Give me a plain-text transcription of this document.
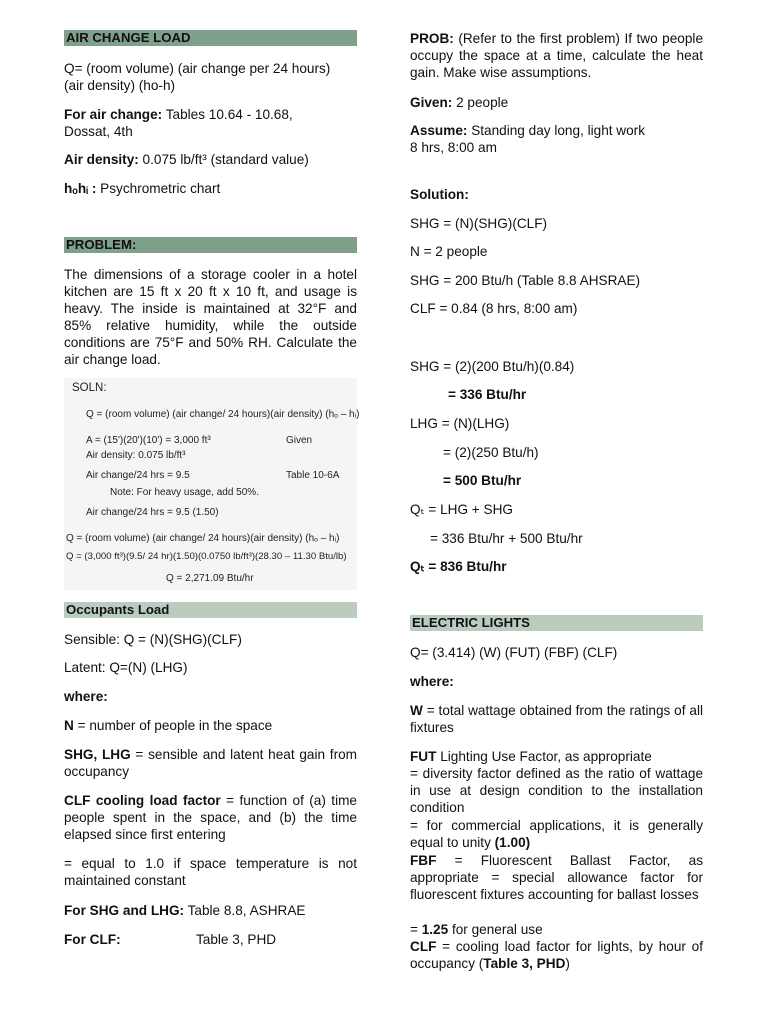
AIR CHANGE LOAD

Q= (room volume) (air change per 24 hours)

(air density) (ho-h)

For air change: Tables 10.64 - 10.68,

Dossat, 4th

Air density: 0.075 lb/ft³ (standard value)

hₒhᵢ : Psychrometric chart

PROBLEM:

The dimensions of a storage cooler in a hotel kitchen are 15 ft x 20 ft x 10 ft, and usage is heavy. The inside is maintained at 32°F and 85% relative humidity, while the outside conditions are 75°F and 50% RH. Calculate the air change load.

SOLN:
Q = (room volume) (air change/ 24 hours)(air density) (hₒ – hᵢ)
A = (15')(20')(10') = 3,000 ft³	Given
Air density: 0.075 lb/ft³
Air change/24 hrs = 9.5	Table 10-6A
Note: For heavy usage, add 50%.
Air change/24 hrs = 9.5 (1.50)
Q = (room volume) (air change/ 24 hours)(air density) (hₒ – hᵢ)
Q = (3,000 ft³)(9.5/ 24 hr)(1.50)(0.0750 lb/ft³)(28.30 – 11.30 Btu/lb)
Q = 2,271.09 Btu/hr
Occupants Load

Sensible: Q = (N)(SHG)(CLF)

Latent: Q=(N) (LHG)

where:

N = number of people in the space

SHG, LHG = sensible and latent heat gain from occupancy

CLF cooling load factor = function of (a) time people spent in the space, and (b) the time elapsed since first entering

= equal to 1.0 if space temperature is not maintained constant

For SHG and LHG: Table 8.8, ASHRAE

For CLF:	Table 3, PHD

PROB: (Refer to the first problem) If two people occupy the space at a time, calculate the heat gain. Make wise assumptions.

Given: 2 people

Assume: Standing day long, light work

8 hrs, 8:00 am

Solution:

SHG = (N)(SHG)(CLF)

N = 2 people

SHG = 200 Btu/h (Table 8.8 AHSRAE)

CLF = 0.84 (8 hrs, 8:00 am)

SHG = (2)(200 Btu/h)(0.84)

= 336 Btu/hr

LHG = (N)(LHG)

= (2)(250 Btu/h)

= 500 Btu/hr

Qₜ = LHG + SHG

= 336 Btu/hr + 500 Btu/hr

Qₜ = 836 Btu/hr

ELECTRIC LIGHTS

Q= (3.414) (W) (FUT) (FBF) (CLF)

where:

W = total wattage obtained from the ratings of all fixtures

FUT Lighting Use Factor, as appropriate

= diversity factor defined as the ratio of wattage in use at design condition to the installation condition

= for commercial applications, it is generally equal to unity (1.00)

FBF = Fluorescent Ballast Factor, as appropriate = special allowance factor for fluorescent fixtures accounting for ballast losses

= 1.25 for general use

CLF = cooling load factor for lights, by hour of occupancy (Table 3, PHD)
